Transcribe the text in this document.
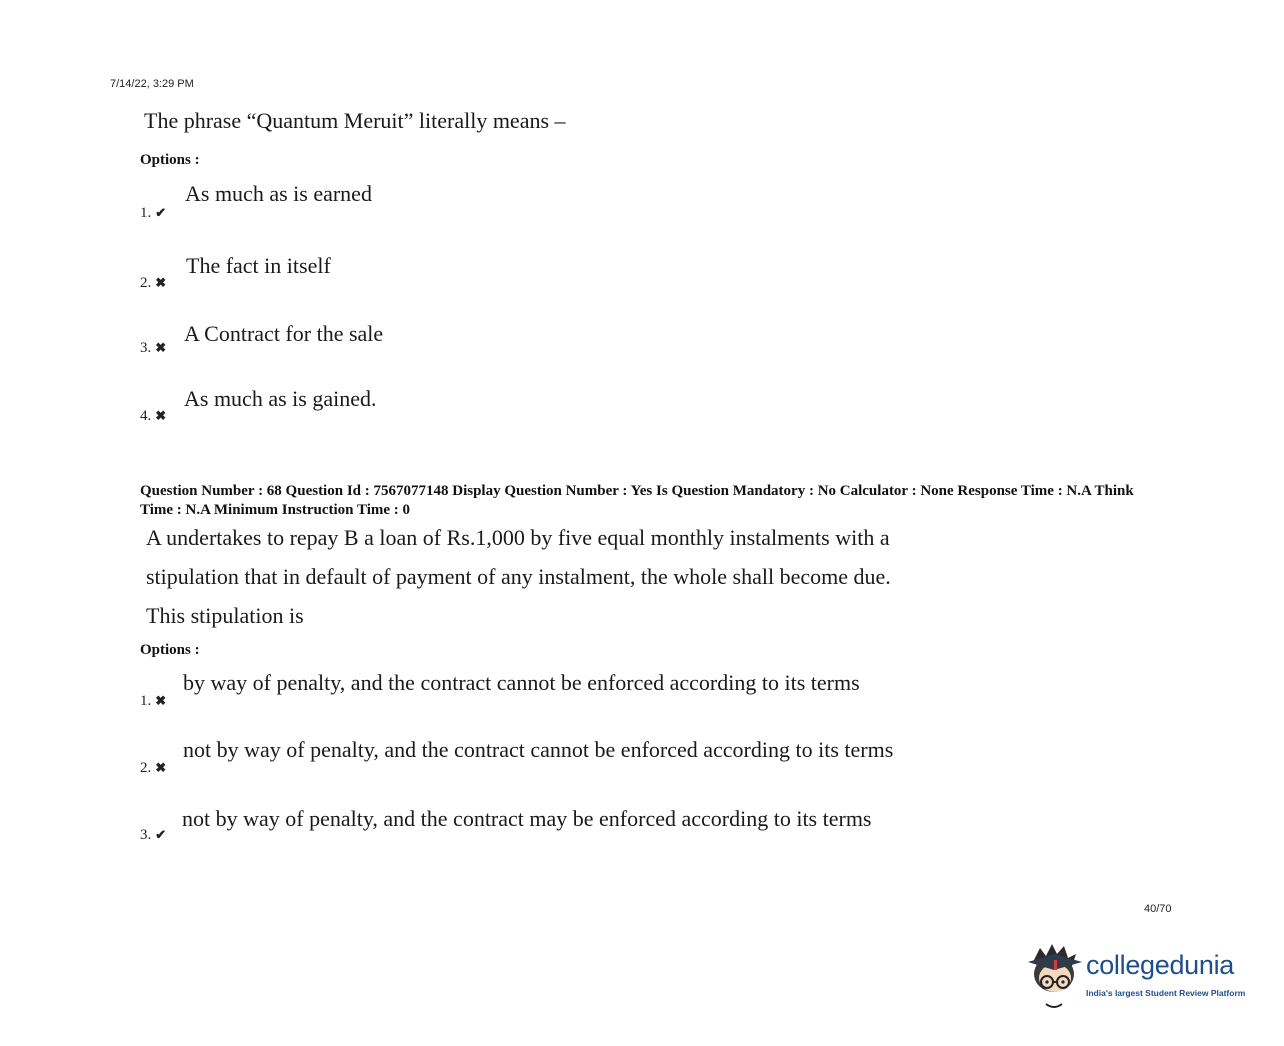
7/14/22, 3:29 PM
The phrase “Quantum Meruit” literally means –
Options :
1. ✔
As much as is earned
2. ✖
The fact in itself
3. ✖
A Contract for the sale
4. ✖
As much as is gained.
Question Number : 68 Question Id : 7567077148 Display Question Number : Yes Is Question Mandatory : No Calculator : None Response Time : N.A Think Time : N.A Minimum Instruction Time : 0
A undertakes to repay B a loan of Rs.1,000 by five equal monthly instalments with a
stipulation that in default of payment of any instalment, the whole shall become due.
This stipulation is
Options :
1. ✖
by way of penalty, and the contract cannot be enforced according to its terms
2. ✖
not by way of penalty, and the contract cannot be enforced according to its terms
3. ✔
not by way of penalty, and the contract may be enforced according to its terms
40/70
collegedunia
India's largest Student Review Platform
